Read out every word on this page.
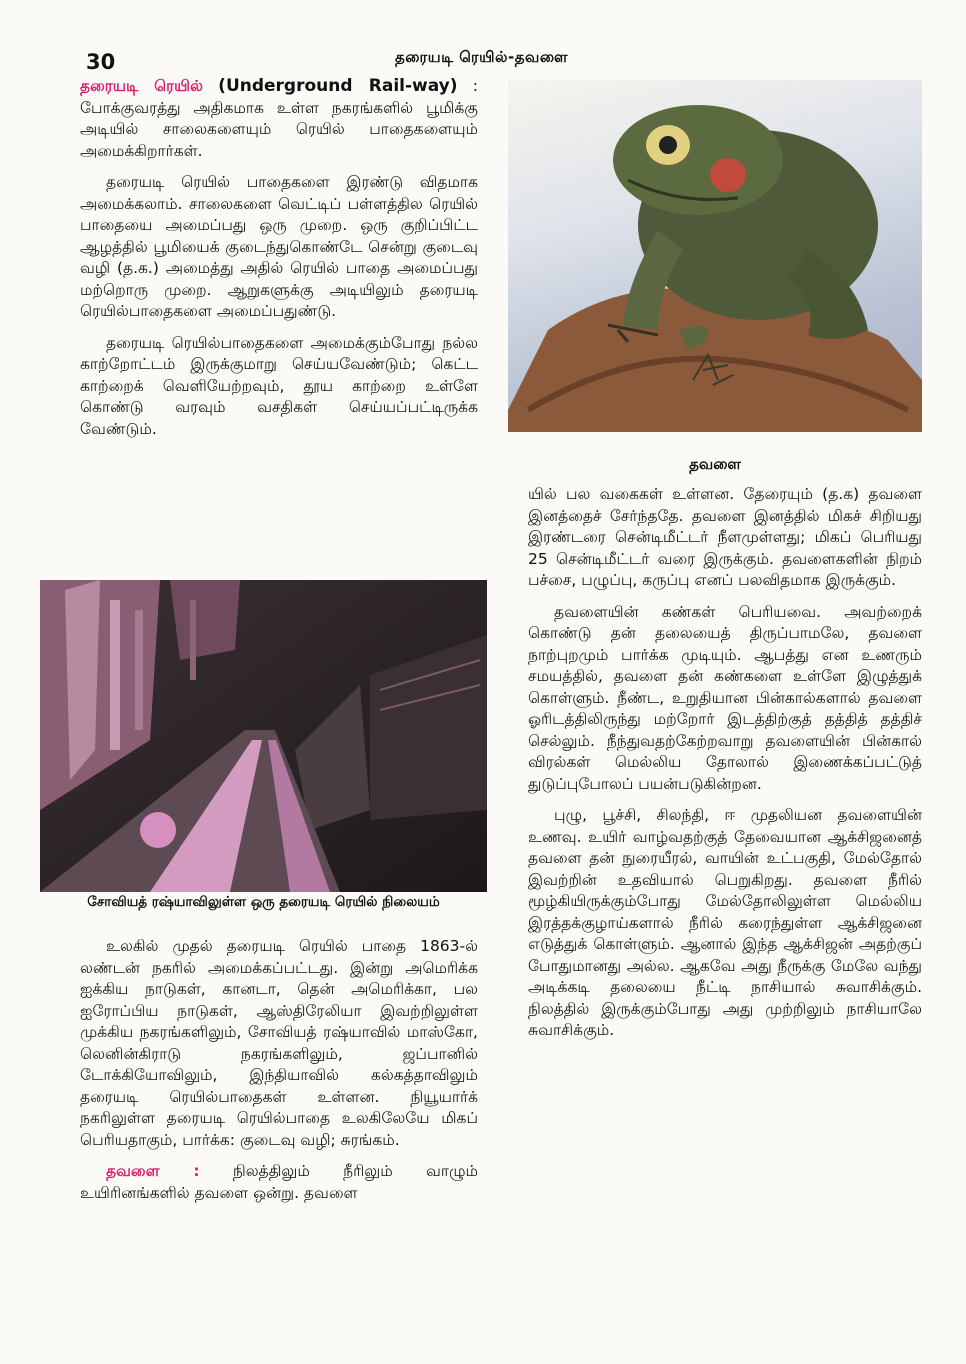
30	தரையடி ரெயில்-தவளை

தரையடி ரெயில் (Underground Rail-way) : போக்குவரத்து அதிகமாக உள்ள நகரங்களில் பூமிக்கு அடியில் சாலைகளையும் ரெயில் பாதைகளையும் அமைக்கிறார்கள்.

தரையடி ரெயில் பாதைகளை இரண்டு விதமாக அமைக்கலாம். சாலைகளை வெட்டிப் பள்ளத்தில ரெயில் பாதையை அமைப்பது ஒரு முறை. ஒரு குறிப்பிட்ட ஆழத்தில் பூமியைக் குடைந்துகொண்டே சென்று குடைவு வழி (த.க.) அமைத்து அதில் ரெயில் பாதை அமைப்பது மற்றொரு முறை. ஆறுகளுக்கு அடியிலும் தரையடி ரெயில்பாதைகளை அமைப்பதுண்டு.

தரையடி ரெயில்பாதைகளை அமைக்கும்போது நல்ல காற்றோட்டம் இருக்குமாறு செய்யவேண்டும்; கெட்ட காற்றைக் வெளியேற்றவும், தூய காற்றை உள்ளே கொண்டு வரவும் வசதிகள் செய்யப்பட்டிருக்க வேண்டும்.

சோவியத் ரஷ்யாவிலுள்ள ஒரு தரையடி ரெயில் நிலையம்

உலகில் முதல் தரையடி ரெயில் பாதை 1863-ல் லண்டன் நகரில் அமைக்கப்பட்டது. இன்று அமெரிக்க ஐக்கிய நாடுகள், கானடா, தென் அமெரிக்கா, பல ஐரோப்பிய நாடுகள், ஆஸ்திரேலியா இவற்றிலுள்ள முக்கிய நகரங்களிலும், சோவியத் ரஷ்யாவில் மாஸ்கோ, லெனின்கிராடு நகரங்களிலும், ஜப்பானில் டோக்கியோவிலும், இந்தியாவில் கல்கத்தாவிலும் தரையடி ரெயில்பாதைகள் உள்ளன. நியூயார்க் நகரிலுள்ள தரையடி ரெயில்பாதை உலகிலேயே மிகப் பெரியதாகும், பார்க்க: குடைவு வழி; சுரங்கம்.

தவளை : நிலத்திலும் நீரிலும் வாழும் உயிரினங்களில் தவளை ஒன்று. தவளை

தவளை

யில் பல வகைகள் உள்ளன. தேரையும் (த.க) தவளை இனத்தைச் சேர்ந்ததே. தவளை இனத்தில் மிகச் சிறியது இரண்டரை சென்டிமீட்டர் நீளமுள்ளது; மிகப் பெரியது 25 சென்டிமீட்டர் வரை இருக்கும். தவளைகளின் நிறம் பச்சை, பழுப்பு, கருப்பு எனப் பலவிதமாக இருக்கும்.

தவளையின் கண்கள் பெரியவை. அவற்றைக் கொண்டு தன் தலையைத் திருப்பாமலே, தவளை நாற்புறமும் பார்க்க முடியும். ஆபத்து என உணரும் சமயத்தில், தவளை தன் கண்களை உள்ளே இழுத்துக் கொள்ளும். நீண்ட, உறுதியான பின்கால்களால் தவளை ஓரிடத்திலிருந்து மற்றோர் இடத்திற்குத் தத்தித் தத்திச் செல்லும். நீந்துவதற்கேற்றவாறு தவளையின் பின்கால் விரல்கள் மெல்லிய தோலால் இணைக்கப்பட்டுத் துடுப்புபோலப் பயன்படுகின்றன.

புழு, பூச்சி, சிலந்தி, ஈ முதலியன தவளையின் உணவு. உயிர் வாழ்வதற்குத் தேவையான ஆக்சிஜனைத் தவளை தன் நுரையீரல், வாயின் உட்பகுதி, மேல்தோல் இவற்றின் உதவியால் பெறுகிறது. தவளை நீரில் மூழ்கியிருக்கும்போது மேல்தோலிலுள்ள மெல்லிய இரத்தக்குழாய்களால் நீரில் கரைந்துள்ள ஆக்சிஜனை எடுத்துக் கொள்ளும். ஆனால் இந்த ஆக்சிஜன் அதற்குப் போதுமானது அல்ல. ஆகவே அது நீருக்கு மேலே வந்து அடிக்கடி தலையை நீட்டி நாசியால் சுவாசிக்கும். நிலத்தில் இருக்கும்போது அது முற்றிலும் நாசியாலே சுவாசிக்கும்.
